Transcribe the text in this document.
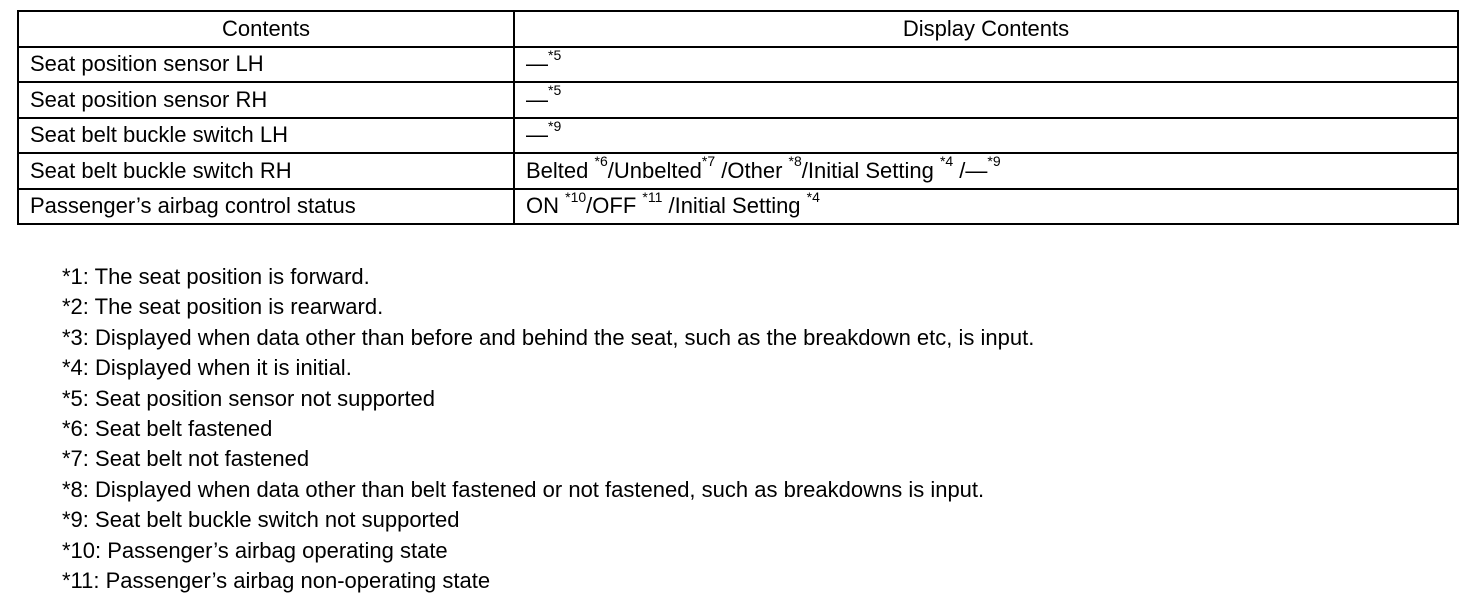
Contents	Display Contents
Seat position sensor LH	—$^{*5}$
Seat position sensor RH	—$^{*5}$
Seat belt buckle switch LH	—$^{*9}$
Seat belt buckle switch RH	Belted $^{*6}$/Unbelted$^{*7}$ /Other $^{*8}$/Initial Setting $^{*4}$ /—$^{*9}$
Passenger’s airbag control status	ON $^{*10}$/OFF $^{*11}$ /Initial Setting $^{*4}$
*1: The seat position is forward.
*2: The seat position is rearward.
*3: Displayed when data other than before and behind the seat, such as the breakdown etc, is input.
*4: Displayed when it is initial.
*5: Seat position sensor not supported
*6: Seat belt fastened
*7: Seat belt not fastened
*8: Displayed when data other than belt fastened or not fastened, such as breakdowns is input.
*9: Seat belt buckle switch not supported
*10: Passenger’s airbag operating state
*11: Passenger’s airbag non-operating state
